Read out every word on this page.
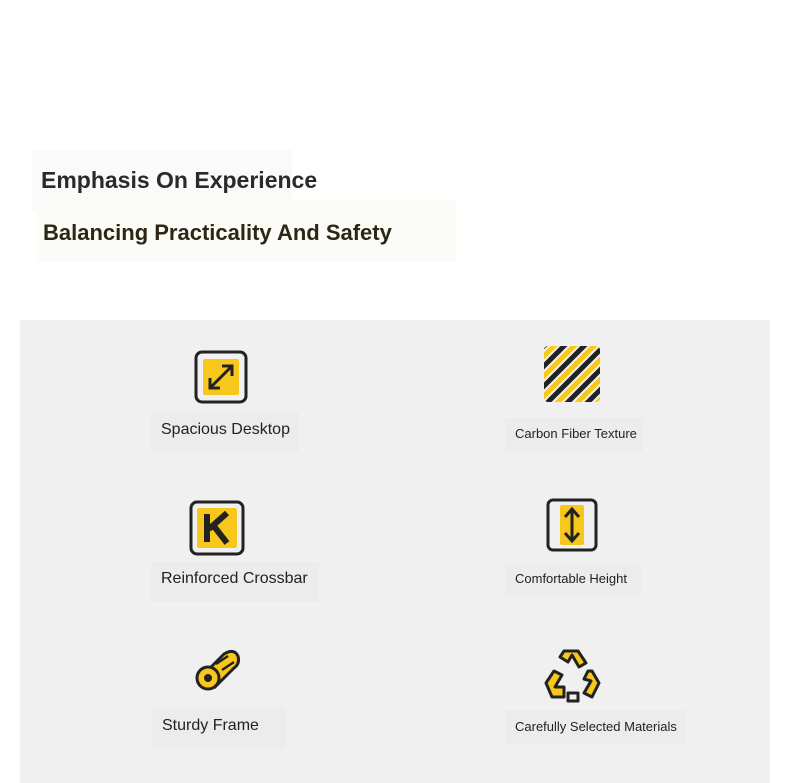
Emphasis On Experience
Balancing Practicality And Safety
Spacious Desktop	Carbon Fiber Texture
Reinforced Crossbar	Comfortable Height
Sturdy Frame	Carefully Selected Materials
